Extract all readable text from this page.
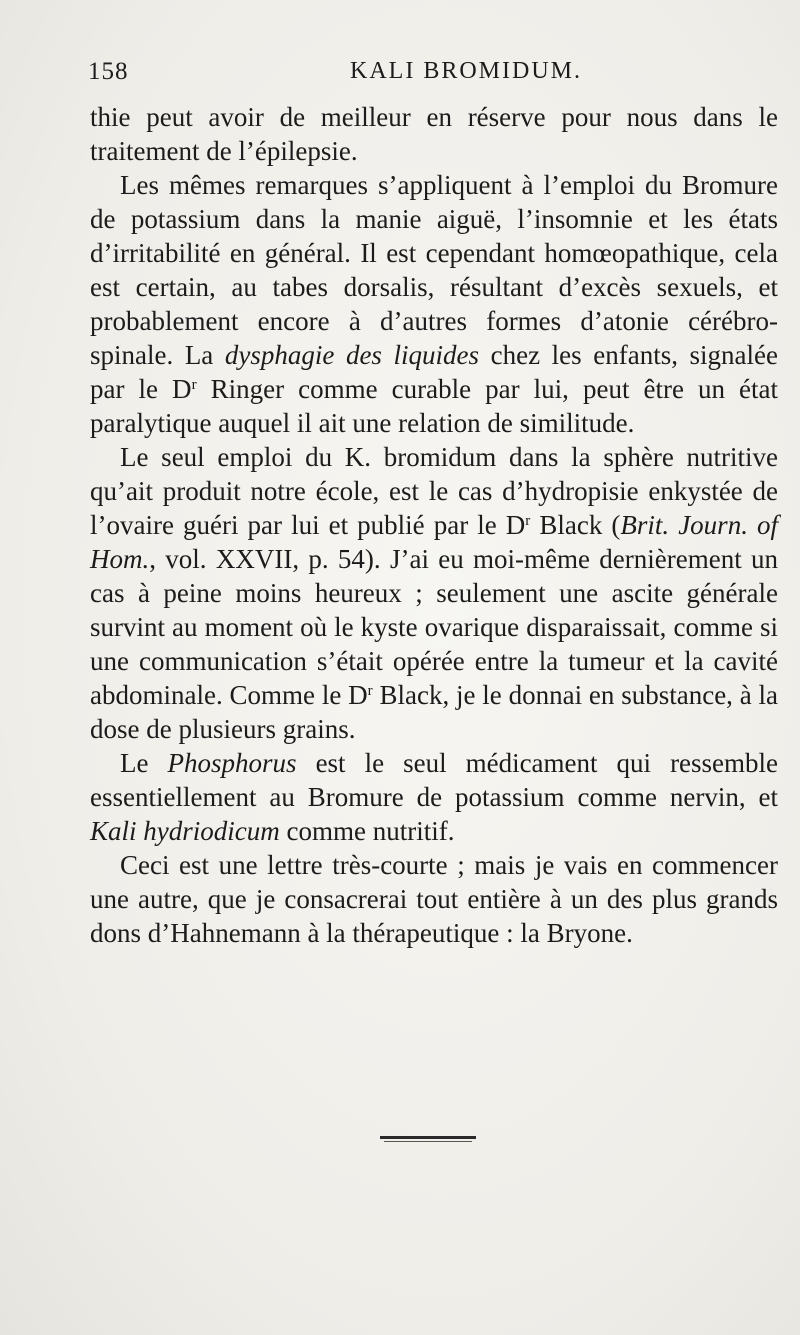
158	KALI BROMIDUM.

thie peut avoir de meilleur en réserve pour nous dans le traitement de l’épilepsie.

Les mêmes remarques s’appliquent à l’emploi du Bromure de potassium dans la manie aiguë, l’insomnie et les états d’irritabilité en général. Il est cependant homœopathique, cela est certain, au tabes dorsalis, résultant d’excès sexuels, et probablement encore à d’autres formes d’atonie cérébro-spinale. La dysphagie des liquides chez les enfants, signalée par le $D^r$ Ringer comme curable par lui, peut être un état paralytique auquel il ait une relation de similitude.

Le seul emploi du K. bromidum dans la sphère nutritive qu’ait produit notre école, est le cas d’hydropisie enkystée de l’ovaire guéri par lui et publié par le $D^r$ Black (Brit. Journ. of Hom., vol. XXVII, p. 54). J’ai eu moi-même dernièrement un cas à peine moins heureux ; seulement une ascite générale survint au moment où le kyste ovarique disparaissait, comme si une communication s’était opérée entre la tumeur et la cavité abdominale. Comme le $D^r$ Black, je le donnai en substance, à la dose de plusieurs grains.

Le Phosphorus est le seul médicament qui ressemble essentiellement au Bromure de potassium comme nervin, et Kali hydriodicum comme nutritif.

Ceci est une lettre très-courte ; mais je vais en commencer une autre, que je consacrerai tout entière à un des plus grands dons d’Hahnemann à la thérapeutique : la Bryone.
